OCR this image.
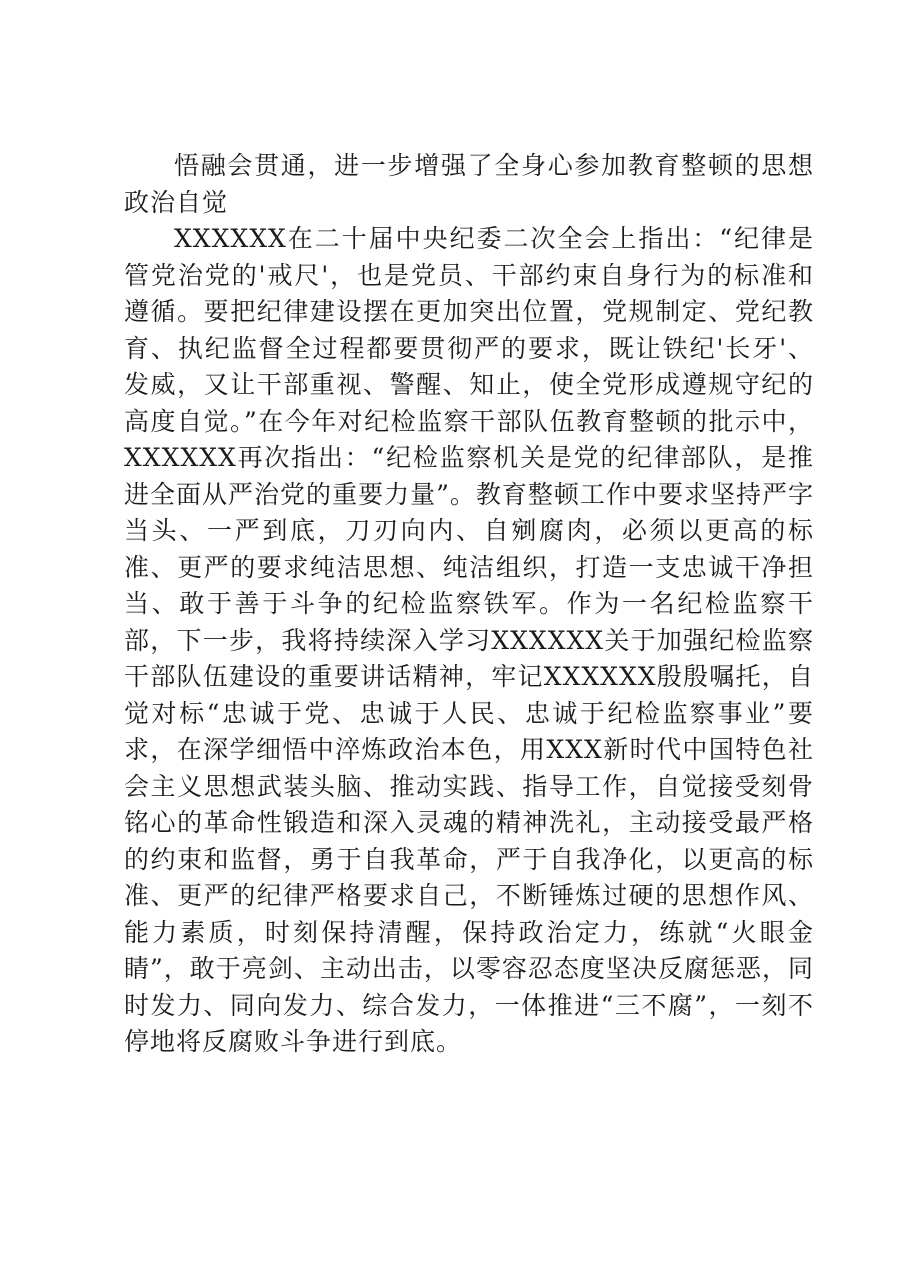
悟融会贯通，进一步增强了全身心参加教育整顿的思想政治自觉

XXXXXX在二十届中央纪委二次全会上指出：“纪律是管党治党的'戒尺'，也是党员、干部约束自身行为的标准和遵循。要把纪律建设摆在更加突出位置，党规制定、党纪教育、执纪监督全过程都要贯彻严的要求，既让铁纪'长牙'、发威，又让干部重视、警醒、知止，使全党形成遵规守纪的高度自觉。”在今年对纪检监察干部队伍教育整顿的批示中，XXXXXX再次指出：“纪检监察机关是党的纪律部队，是推进全面从严治党的重要力量”。教育整顿工作中要求坚持严字当头、一严到底，刀刃向内、自剜腐肉，必须以更高的标准、更严的要求纯洁思想、纯洁组织，打造一支忠诚干净担当、敢于善于斗争的纪检监察铁军。作为一名纪检监察干部，下一步，我将持续深入学习XXXXXX关于加强纪检监察干部队伍建设的重要讲话精神，牢记XXXXXX殷殷嘱托，自觉对标“忠诚于党、忠诚于人民、忠诚于纪检监察事业”要求，在深学细悟中淬炼政治本色，用XXX新时代中国特色社会主义思想武装头脑、推动实践、指导工作，自觉接受刻骨铭心的革命性锻造和深入灵魂的精神洗礼，主动接受最严格的约束和监督，勇于自我革命，严于自我净化，以更高的标准、更严的纪律严格要求自己，不断锤炼过硬的思想作风、能力素质，时刻保持清醒，保持政治定力，练就“火眼金睛”，敢于亮剑、主动出击，以零容忍态度坚决反腐惩恶，同时发力、同向发力、综合发力，一体推进“三不腐”，一刻不停地将反腐败斗争进行到底。
